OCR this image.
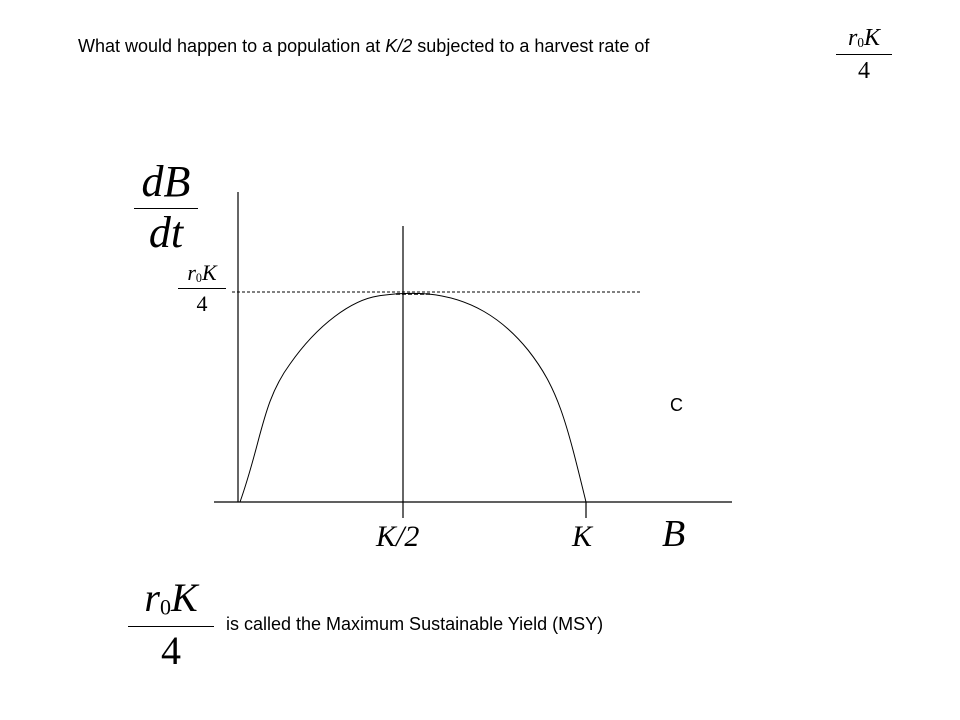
What would happen to a population at K/2 subjected to a harvest rate of	r0K
4
dB
dt
r0K
4
C
K/2	K B
r0K
4
is called the Maximum Sustainable Yield (MSY)
